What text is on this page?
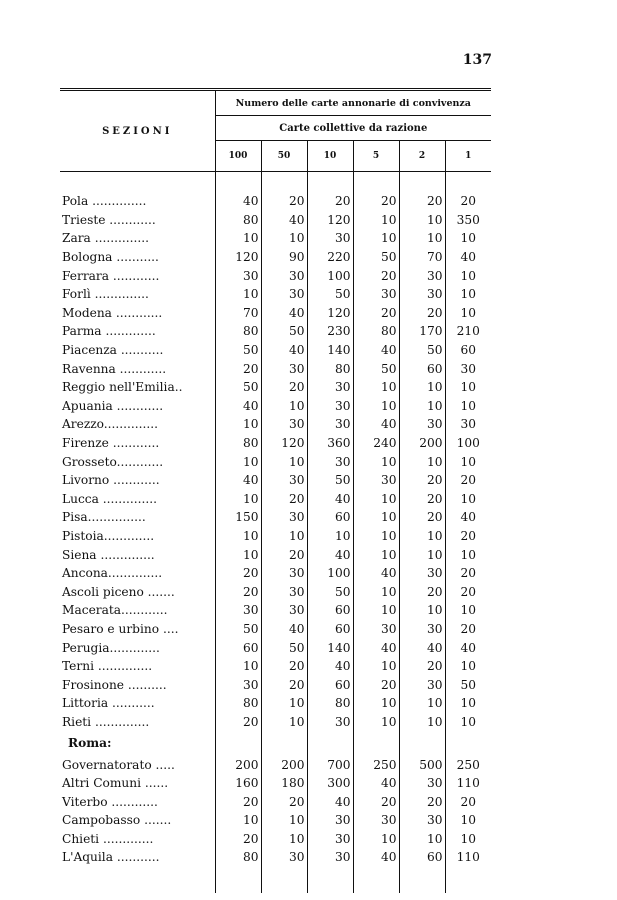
137
SEZIONI	Numero delle carte annonarie di convivenza					
	Carte collettive da razione					
	100	50	10	5	2	1

Pola ..............	40	20	20	20	20	20
Trieste ............	80	40	120	10	10	350
Zara ..............	10	10	30	10	10	10
Bologna ...........	120	90	220	50	70	40
Ferrara ............	30	30	100	20	30	10
Forlì ..............	10	30	50	30	30	10
Modena ............	70	40	120	20	20	10
Parma .............	80	50	230	80	170	210
Piacenza ...........	50	40	140	40	50	60
Ravenna ............	20	30	80	50	60	30
Reggio nell'Emilia..	50	20	30	10	10	10
Apuania ............	40	10	30	10	10	10
Arezzo..............	10	30	30	40	30	30
Firenze ............	80	120	360	240	200	100
Grosseto............	10	10	30	10	10	10
Livorno ............	40	30	50	30	20	20
Lucca ..............	10	20	40	10	20	10
Pisa...............	150	30	60	10	20	40
Pistoia.............	10	10	10	10	10	20
Siena ..............	10	20	40	10	10	10
Ancona..............	20	30	100	40	30	20
Ascoli piceno .......	20	30	50	10	20	20
Macerata............	30	30	60	10	10	10
Pesaro e urbino ....	50	40	60	30	30	20
Perugia.............	60	50	140	40	40	40
Terni ..............	10	20	40	10	20	10
Frosinone ..........	30	20	60	20	30	50
Littoria ...........	80	10	80	10	10	10
Rieti ..............	20	10	30	10	10	10
Roma:						
Governatorato .....	200	200	700	250	500	250
Altri Comuni ......	160	180	300	40	30	110
Viterbo ............	20	20	40	20	20	20
Campobasso .......	10	10	30	30	30	10
Chieti .............	20	10	30	10	10	10
L'Aquila ...........	80	30	30	40	60	110
